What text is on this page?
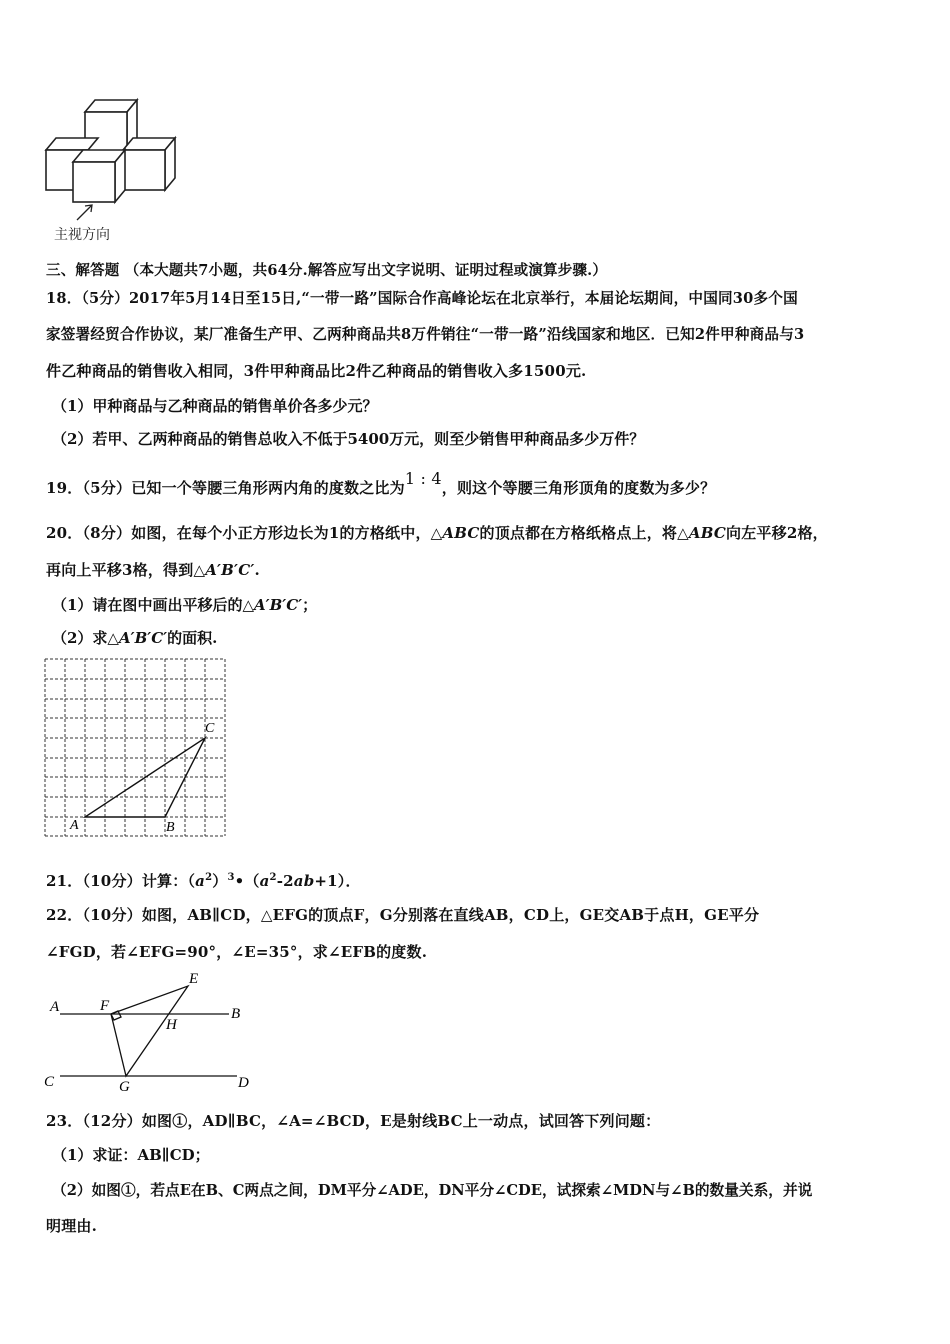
主视方向
三、解答题 （本大题共7小题，共64分.解答应写出文字说明、证明过程或演算步骤.）
18．（5分）2017年5月14日至15日,“一带一路”国际合作高峰论坛在北京举行，本届论坛期间，中国同30多个国
家签署经贸合作协议，某厂准备生产甲、乙两种商品共8万件销往“一带一路”沿线国家和地区．已知2件甲种商品与3
件乙种商品的销售收入相同，3件甲种商品比2件乙种商品的销售收入多1500元.
（1）甲种商品与乙种商品的销售单价各多少元？
（2）若甲、乙两种商品的销售总收入不低于5400万元，则至少销售甲种商品多少万件？
19．（5分）已知一个等腰三角形两内角的度数之比为1 : 4，则这个等腰三角形顶角的度数为多少？
20．（8分）如图，在每个小正方形边长为1的方格纸中，△ABC的顶点都在方格纸格点上，将△ABC向左平移2格，
再向上平移3格，得到△A′B′C′.
（1）请在图中画出平移后的△A′B′C′；
（2）求△A′B′C′的面积.
A	B
C
21．（10分）计算：$(a^2)^3•(a^2-2ab+1)$．
22．（10分）如图，AB∥CD，△EFG的顶点F，G分别落在直线AB，CD上，GE交AB于点H，GE平分
∠FGD，若∠EFG=90°，∠E=35°，求∠EFB的度数.
A	B
C	D
E
F
G
H
23．（12分）如图①，AD∥BC，∠A=∠BCD，E是射线BC上一动点，试回答下列问题：
（1）求证：AB∥CD；
（2）如图①，若点E在B、C两点之间，DM平分∠ADE，DN平分∠CDE，试探索∠MDN与∠B的数量关系，并说
明理由.
